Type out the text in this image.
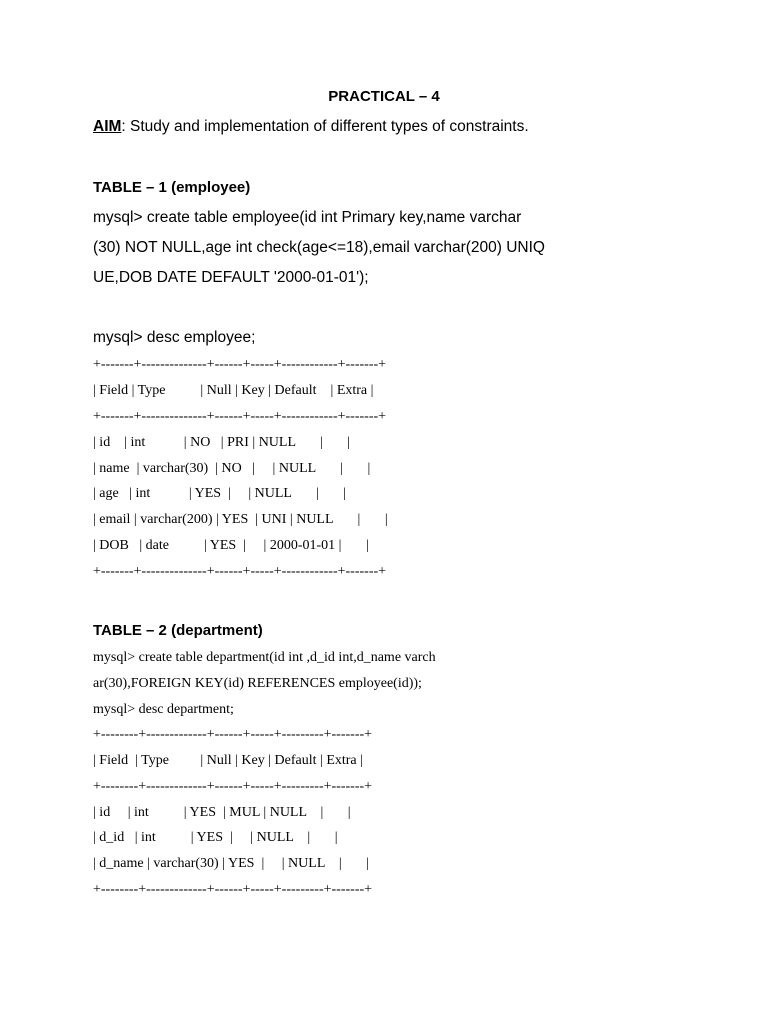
PRACTICAL – 4
AIM: Study and implementation of different types of constraints.
TABLE – 1 (employee)
mysql> create table employee(id int Primary key,name varchar
(30) NOT NULL,age int check(age<=18),email varchar(200) UNIQ
UE,DOB DATE DEFAULT '2000-01-01');
mysql> desc employee;
+-------+--------------+------+-----+------------+-------+
| Field | Type          | Null | Key | Default    | Extra |
+-------+--------------+------+-----+------------+-------+
| id    | int           | NO   | PRI | NULL       |       |
| name  | varchar(30)  | NO   |     | NULL       |       |
| age   | int           | YES  |     | NULL       |       |
| email | varchar(200) | YES  | UNI | NULL       |       |
| DOB   | date          | YES  |     | 2000-01-01 |       |
+-------+--------------+------+-----+------------+-------+
TABLE – 2 (department)
mysql> create table department(id int ,d_id int,d_name varch
ar(30),FOREIGN KEY(id) REFERENCES employee(id));
mysql> desc department;
+--------+-------------+------+-----+---------+-------+
| Field  | Type         | Null | Key | Default | Extra |
+--------+-------------+------+-----+---------+-------+
| id     | int          | YES  | MUL | NULL    |       |
| d_id   | int          | YES  |     | NULL    |       |
| d_name | varchar(30) | YES  |     | NULL    |       |
+--------+-------------+------+-----+---------+-------+
